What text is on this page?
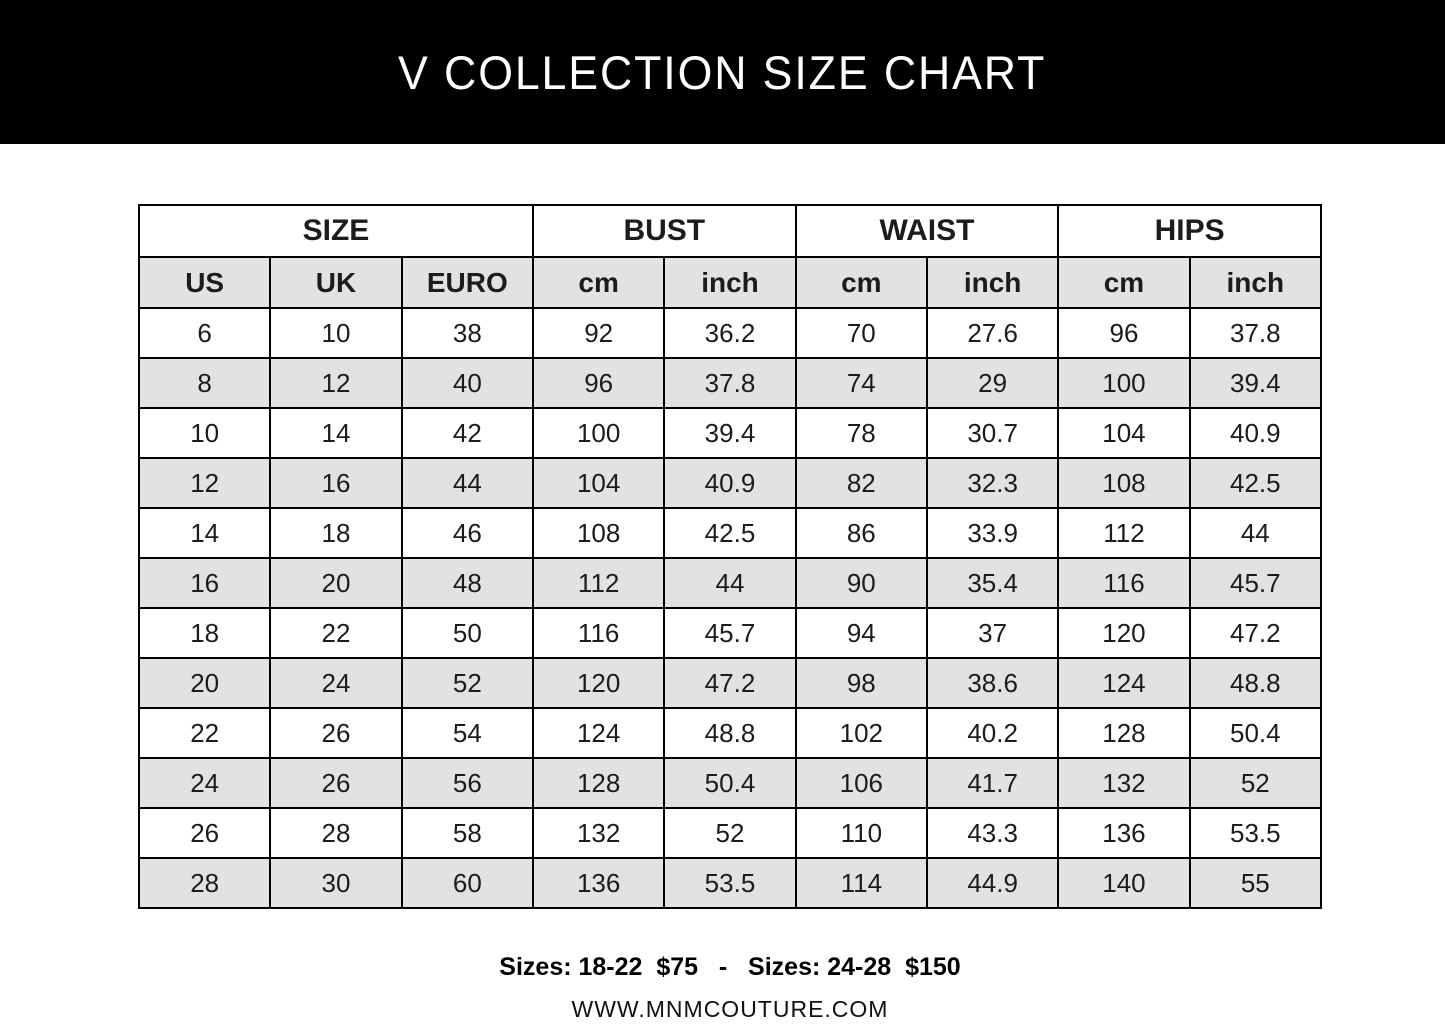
V COLLECTION SIZE CHART
SIZE			BUST		WAIST		HIPS	
US	UK	EURO	cm	inch	cm	inch	cm	inch
6	10	38	92	36.2	70	27.6	96	37.8
8	12	40	96	37.8	74	29	100	39.4
10	14	42	100	39.4	78	30.7	104	40.9
12	16	44	104	40.9	82	32.3	108	42.5
14	18	46	108	42.5	86	33.9	112	44
16	20	48	112	44	90	35.4	116	45.7
18	22	50	116	45.7	94	37	120	47.2
20	24	52	120	47.2	98	38.6	124	48.8
22	26	54	124	48.8	102	40.2	128	50.4
24	26	56	128	50.4	106	41.7	132	52
26	28	58	132	52	110	43.3	136	53.5
28	30	60	136	53.5	114	44.9	140	55
Sizes: 18-22  $75   -   Sizes: 24-28  $150
WWW.MNMCOUTURE.COM
